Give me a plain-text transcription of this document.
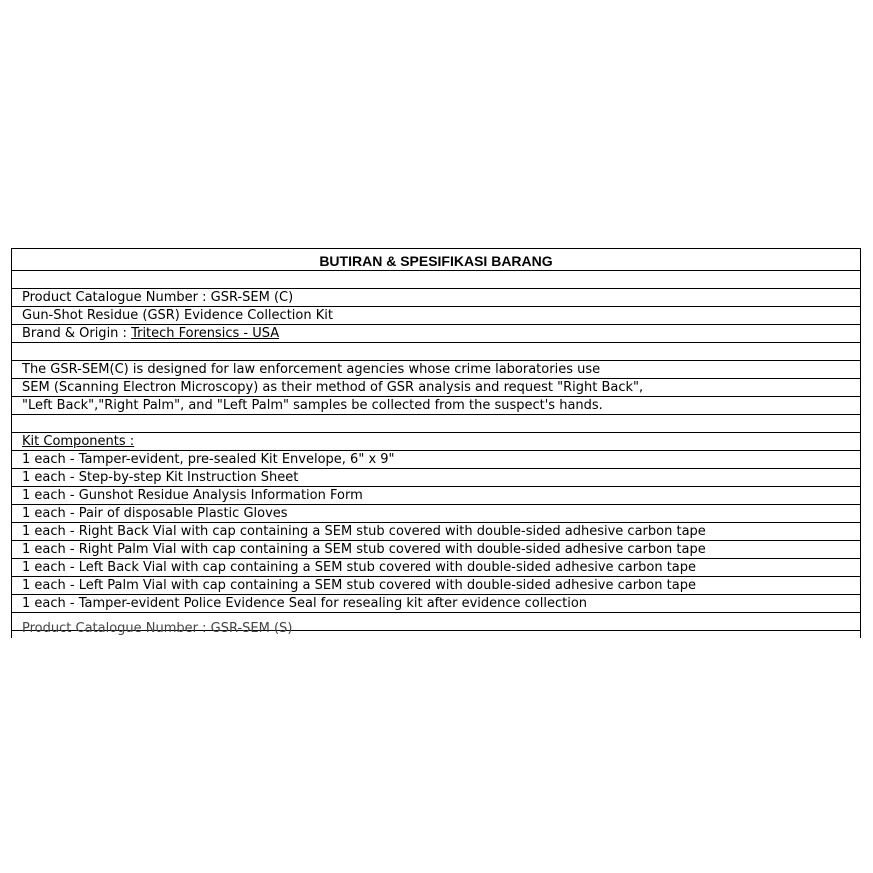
BUTIRAN & SPESIFIKASI BARANG
Product Catalogue Number : GSR-SEM (C)
Gun-Shot Residue (GSR) Evidence Collection Kit
Brand & Origin : Tritech Forensics - USA
The GSR-SEM(C) is designed for law enforcement agencies whose crime laboratories use
SEM (Scanning Electron Microscopy) as their method of GSR analysis and request "Right Back",
"Left Back","Right Palm", and "Left Palm" samples be collected from the suspect's hands.
Kit Components :
1 each - Tamper-evident, pre-sealed Kit Envelope, 6" x 9"
1 each - Step-by-step Kit Instruction Sheet
1 each - Gunshot Residue Analysis Information Form
1 each - Pair of disposable Plastic Gloves
1 each - Right Back Vial with cap containing a SEM stub covered with double-sided adhesive carbon tape
1 each - Right Palm Vial with cap containing a SEM stub covered with double-sided adhesive carbon tape
1 each - Left Back Vial with cap containing a SEM stub covered with double-sided adhesive carbon tape
1 each - Left Palm Vial with cap containing a SEM stub covered with double-sided adhesive carbon tape
1 each - Tamper-evident Police Evidence Seal for resealing kit after evidence collection
Product Catalogue Number : GSR-SEM (S)
